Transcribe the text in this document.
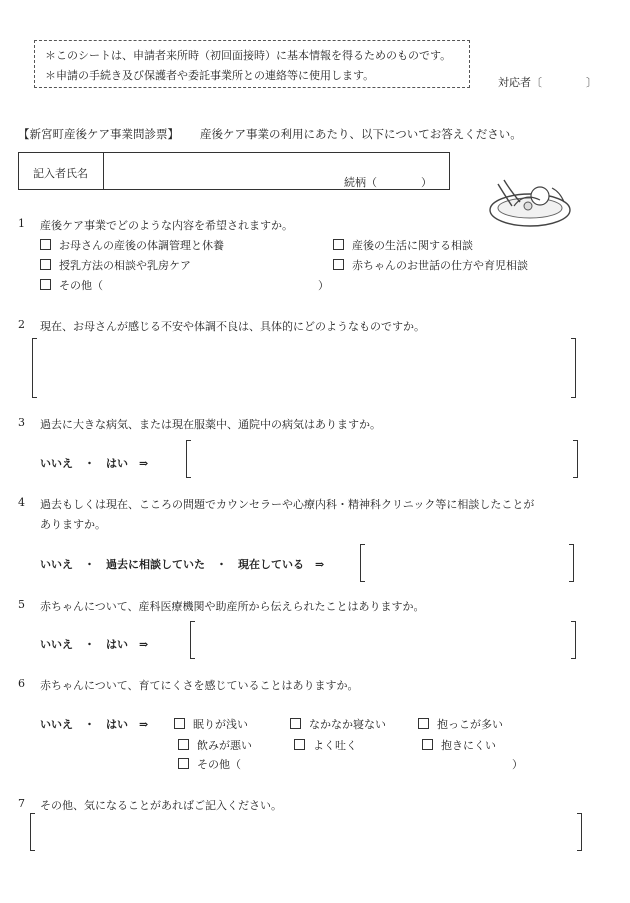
＊このシートは、申請者来所時（初回面接時）に基本情報を得るためのものです。
＊申請の手続き及び保護者や委託事業所との連絡等に使用します。
対応者〔　　　　〕
【新宮町産後ケア事業問診票】 産後ケア事業の利用にあたり、以下についてお答えください。
記入者氏名
続柄（　　　　）
1 産後ケア事業でどのような内容を希望されますか。
お母さんの産後の体調管理と休養	産後の生活に関する相談
授乳方法の相談や乳房ケア	赤ちゃんのお世話の仕方や育児相談
その他（	）
2 現在、お母さんが感じる不安や体調不良は、具体的にどのようなものですか。
3 過去に大きな病気、または現在服薬中、通院中の病気はありますか。
いいえ　・　はい　⇒
4 過去もしくは現在、こころの問題でカウンセラーや心療内科・精神科クリニック等に相談したことが
ありますか。
いいえ　・　過去に相談していた　・　現在している　⇒
5 赤ちゃんについて、産科医療機関や助産所から伝えられたことはありますか。
いいえ　・　はい　⇒
6 赤ちゃんについて、育てにくさを感じていることはありますか。
いいえ　・　はい　⇒	眠りが浅い	なかなか寝ない	抱っこが多い
飲みが悪い	よく吐く	抱きにくい
その他（	）
7 その他、気になることがあればご記入ください。
